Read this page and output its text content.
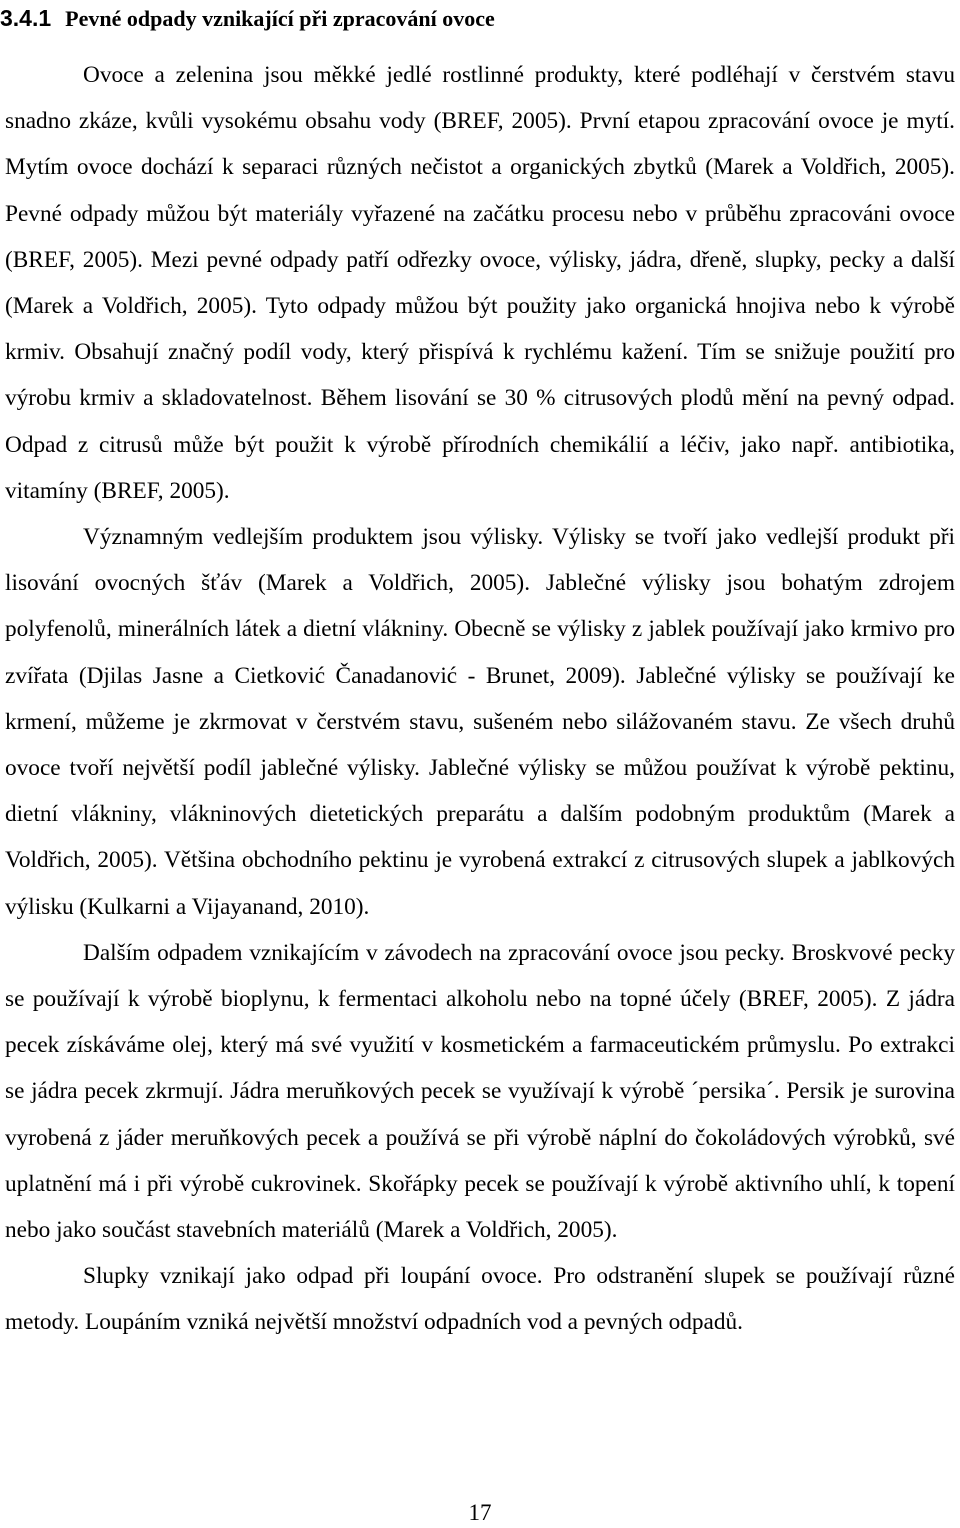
3.4.1 Pevné odpady vznikající při zpracování ovoce

Ovoce a zelenina jsou měkké jedlé rostlinné produkty, které podléhají v čerstvém stavu snadno zkáze, kvůli vysokému obsahu vody (BREF, 2005). První etapou zpracování ovoce je mytí. Mytím ovoce dochází k separaci různých nečistot a organických zbytků (Marek a Voldřich, 2005). Pevné odpady můžou být materiály vyřazené na začátku procesu nebo v průběhu zpracováni ovoce (BREF, 2005). Mezi pevné odpady patří odřezky ovoce, výlisky, jádra, dřeně, slupky, pecky a další (Marek a Voldřich, 2005). Tyto odpady můžou být použity jako organická hnojiva nebo k výrobě krmiv. Obsahují značný podíl vody, který přispívá k rychlému kažení. Tím se snižuje použití pro výrobu krmiv a skladovatelnost. Během lisování se 30 % citrusových plodů mění na pevný odpad. Odpad z citrusů může být použit k výrobě přírodních chemikálií a léčiv, jako např. antibiotika, vitamíny (BREF, 2005).

Významným vedlejším produktem jsou výlisky. Výlisky se tvoří jako vedlejší produkt při lisování ovocných šťáv (Marek a Voldřich, 2005). Jablečné výlisky jsou bohatým zdrojem polyfenolů, minerálních látek a dietní vlákniny. Obecně se výlisky z jablek používají jako krmivo pro zvířata (Djilas Jasne a Cietković Čanadanović - Brunet, 2009). Jablečné výlisky se používají ke krmení, můžeme je zkrmovat v čerstvém stavu, sušeném nebo silážovaném stavu. Ze všech druhů ovoce tvoří největší podíl jablečné výlisky. Jablečné výlisky se můžou používat k výrobě pektinu, dietní vlákniny, vlákninových dietetických preparátu a dalším podobným produktům (Marek a Voldřich, 2005). Většina obchodního pektinu je vyrobená extrakcí z citrusových slupek a jablkových výlisku (Kulkarni a Vijayanand, 2010).

Dalším odpadem vznikajícím v závodech na zpracování ovoce jsou pecky. Broskvové pecky se používají k výrobě bioplynu, k fermentaci alkoholu nebo na topné účely (BREF, 2005). Z jádra pecek získáváme olej, který má své využití v kosmetickém a farmaceutickém průmyslu. Po extrakci se jádra pecek zkrmují. Jádra meruňkových pecek se využívají k výrobě ´persika´. Persik je surovina vyrobená z jáder meruňkových pecek a používá se při výrobě náplní do čokoládových výrobků, své uplatnění má i při výrobě cukrovinek. Skořápky pecek se používají k výrobě aktivního uhlí, k topení nebo jako součást stavebních materiálů (Marek a Voldřich, 2005).

Slupky vznikají jako odpad při loupání ovoce. Pro odstranění slupek se používají různé metody. Loupáním vzniká největší množství odpadních vod a pevných odpadů.

17
